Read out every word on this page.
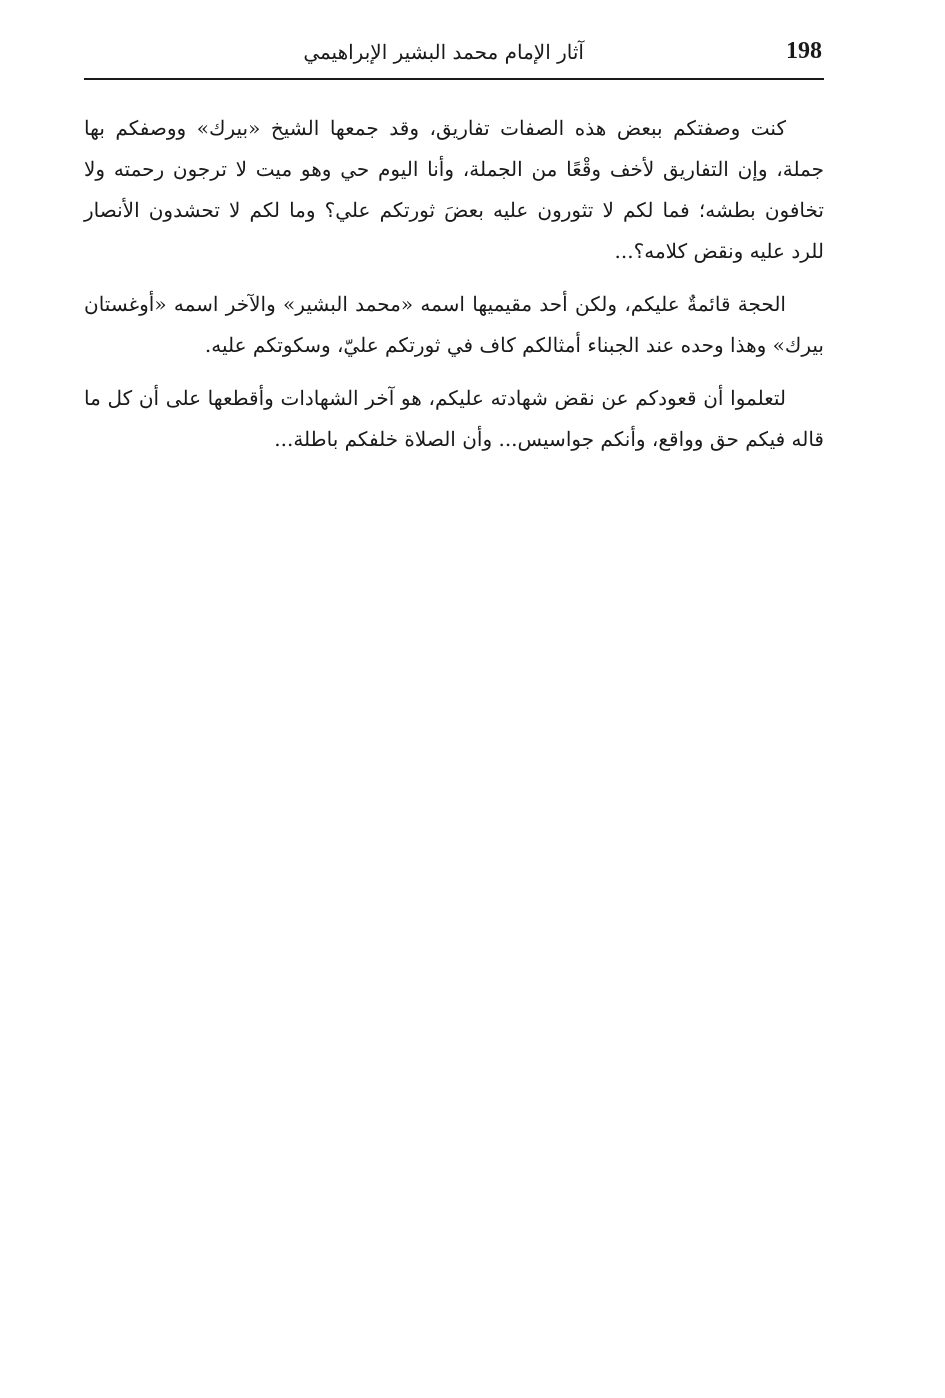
198
آثار الإمام محمد البشير الإبراهيمي

كنت وصفتكم ببعض هذه الصفات تفاريق، وقد جمعها الشيخ «بيرك» ووصفكم بها جملة، وإن التفاريق لأخف وقْعًا من الجملة، وأنا اليوم حي وهو ميت لا ترجون رحمته ولا تخافون بطشه؛ فما لكم لا تثورون عليه بعضَ ثورتكم علي؟ وما لكم لا تحشدون الأنصار للرد عليه ونقض كلامه؟...

الحجة قائمةٌ عليكم، ولكن أحد مقيميها اسمه «محمد البشير» والآخر اسمه «أوغستان بيرك» وهذا وحده عند الجبناء أمثالكم كاف في ثورتكم عليّ، وسكوتكم عليه.

لتعلموا أن قعودكم عن نقض شهادته عليكم، هو آخر الشهادات وأقطعها على أن كل ما قاله فيكم حق وواقع، وأنكم جواسيس... وأن الصلاة خلفكم باطلة...
